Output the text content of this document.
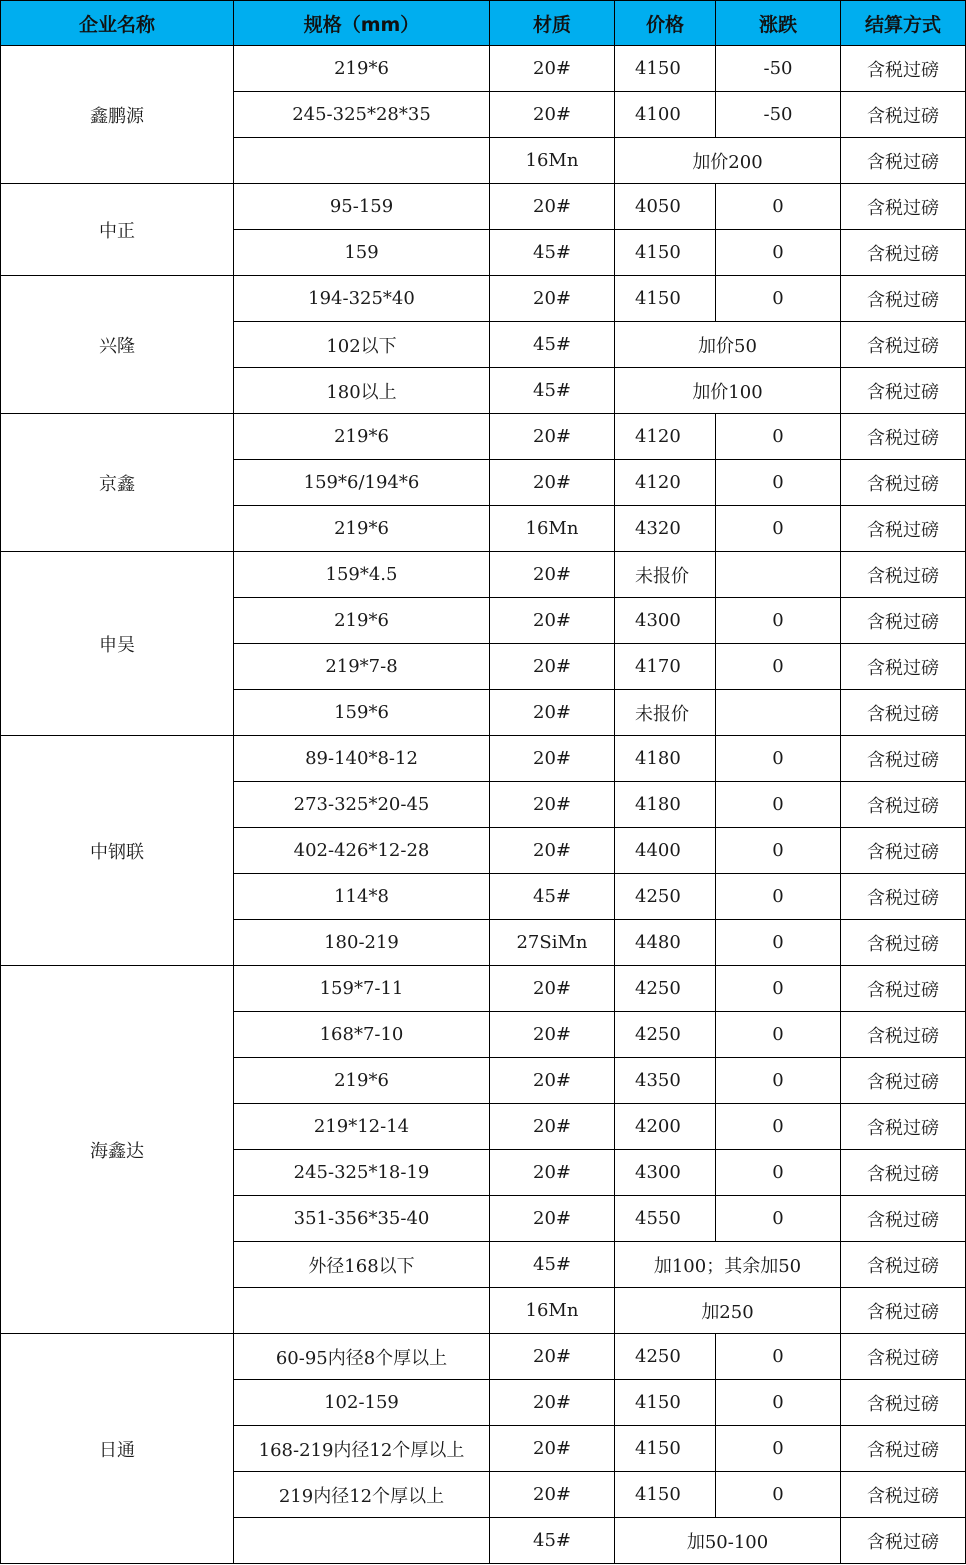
企业名称	规格（mm）	材质	价格	涨跌	结算方式
鑫鹏源	219*6	20#	4150	-50	含税过磅
	245-325*28*35	20#	4100	-50	含税过磅
		16Mn	加价200		含税过磅
中正	95-159	20#	4050	0	含税过磅
	159	45#	4150	0	含税过磅
兴隆	194-325*40	20#	4150	0	含税过磅
	102以下	45#	加价50		含税过磅
	180以上	45#	加价100		含税过磅
京鑫	219*6	20#	4120	0	含税过磅
	159*6/194*6	20#	4120	0	含税过磅
	219*6	16Mn	4320	0	含税过磅
申吴	159*4.5	20#	未报价		含税过磅
	219*6	20#	4300	0	含税过磅
	219*7-8	20#	4170	0	含税过磅
	159*6	20#	未报价		含税过磅
中钢联	89-140*8-12	20#	4180	0	含税过磅
	273-325*20-45	20#	4180	0	含税过磅
	402-426*12-28	20#	4400	0	含税过磅
	114*8	45#	4250	0	含税过磅
	180-219	27SiMn	4480	0	含税过磅
海鑫达	159*7-11	20#	4250	0	含税过磅
	168*7-10	20#	4250	0	含税过磅
	219*6	20#	4350	0	含税过磅
	219*12-14	20#	4200	0	含税过磅
	245-325*18-19	20#	4300	0	含税过磅
	351-356*35-40	20#	4550	0	含税过磅
	外径168以下	45#	加100；其余加50		含税过磅
		16Mn	加250		含税过磅
日通	60-95内径8个厚以上	20#	4250	0	含税过磅
	102-159	20#	4150	0	含税过磅
	168-219内径12个厚以上	20#	4150	0	含税过磅
	219内径12个厚以上	20#	4150	0	含税过磅
		45#	加50-100		含税过磅
